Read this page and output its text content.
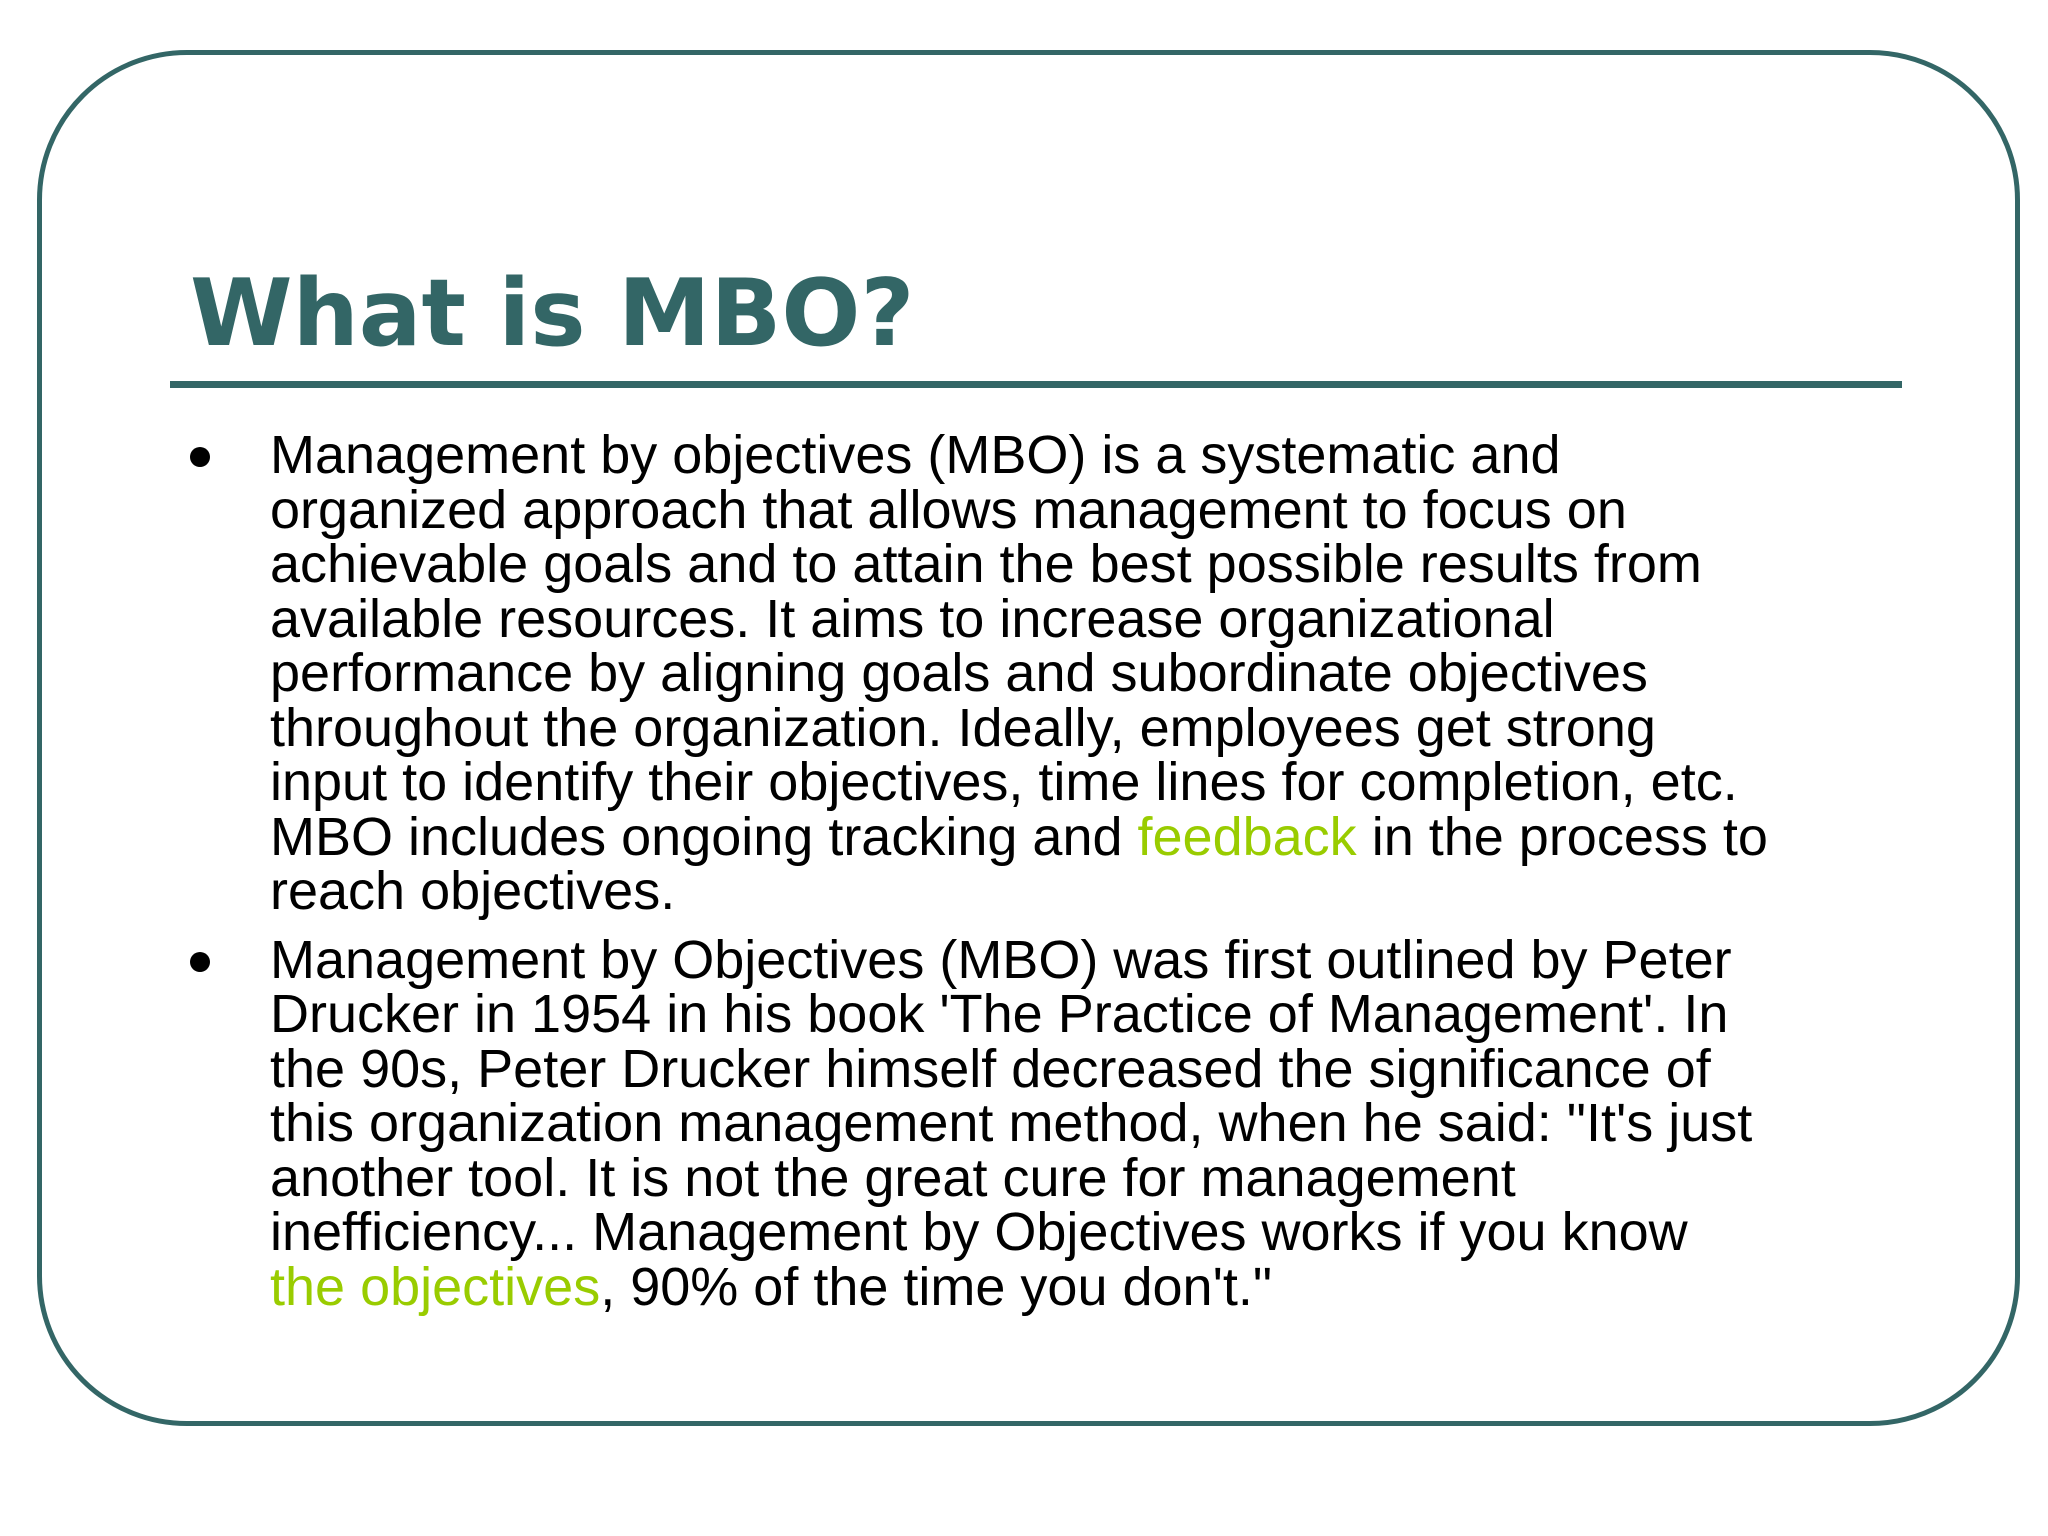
What is MBO?
Management by objectives (MBO) is a systematic and
organized approach that allows management to focus on
achievable goals and to attain the best possible results from
available resources. It aims to increase organizational
performance by aligning goals and subordinate objectives
throughout the organization. Ideally, employees get strong
input to identify their objectives, time lines for completion, etc.
MBO includes ongoing tracking and feedback in the process to
reach objectives.
Management by Objectives (MBO) was first outlined by Peter
Drucker in 1954 in his book 'The Practice of Management'. In
the 90s, Peter Drucker himself decreased the significance of
this organization management method, when he said: "It's just
another tool. It is not the great cure for management
inefficiency... Management by Objectives works if you know
the objectives, 90% of the time you don't."
